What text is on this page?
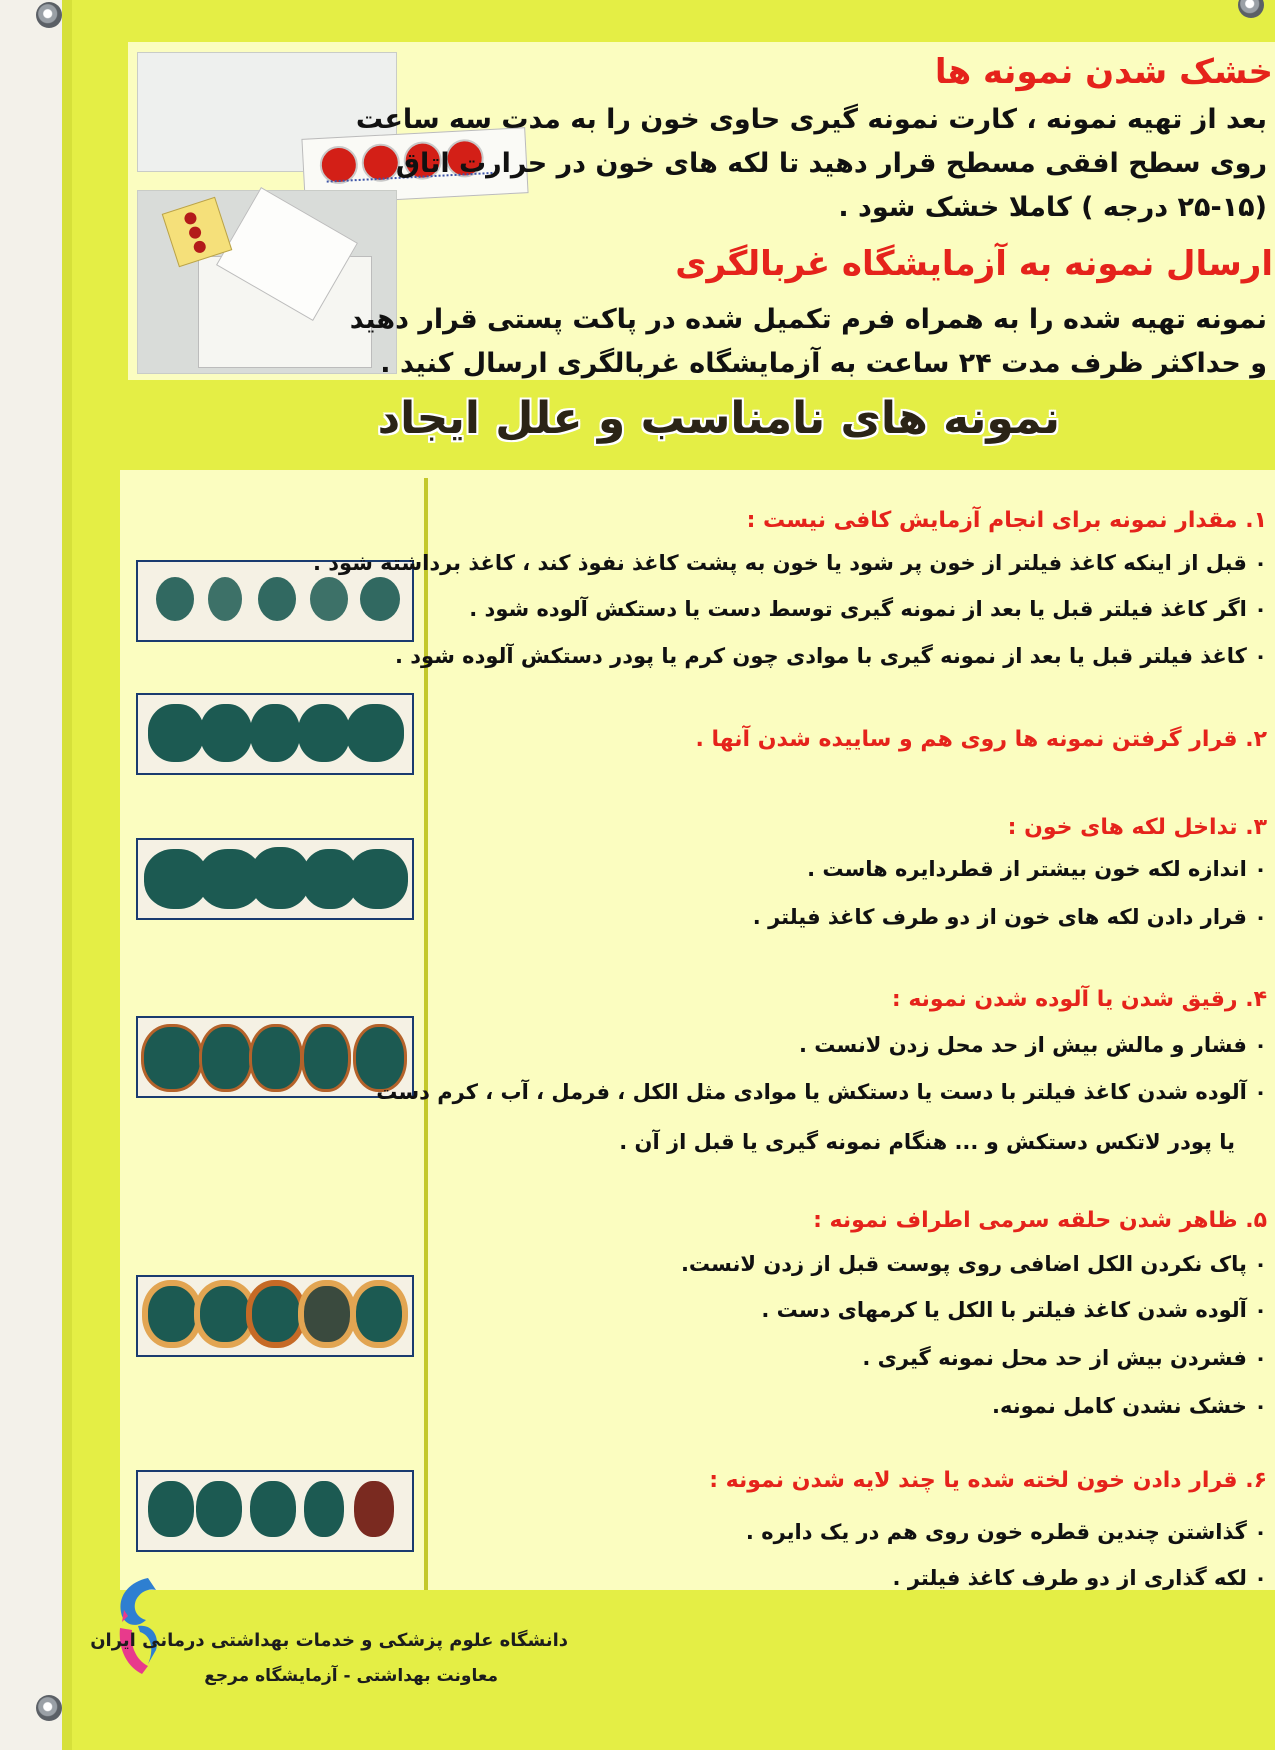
خشک شدن نمونه ها
بعد از تهیه نمونه ، کارت نمونه گیری حاوی خون را به مدت سه ساعت
روی سطح افقی مسطح قرار دهید تا لکه های خون در حرارت اتاق
(۲۵-۱۵ درجه ) کاملا خشک شود .
ارسال نمونه به آزمایشگاه غربالگری
نمونه تهیه شده را به همراه فرم تکمیل شده در پاکت پستی قرار دهید
و حداکثر ظرف مدت ۲۴ ساعت به آزمایشگاه غربالگری ارسال کنید .
نمونه های نامناسب و علل ایجاد
۱. مقدار نمونه برای انجام آزمایش کافی نیست :
۰ قبل از اینکه کاغذ فیلتر از خون پر شود یا خون به پشت کاغذ نفوذ کند ، کاغذ برداشته شود .
۰ اگر کاغذ فیلتر قبل یا بعد از نمونه گیری توسط دست یا دستکش آلوده شود .
۰ کاغذ فیلتر قبل یا بعد از نمونه گیری با موادی چون کرم یا پودر دستکش آلوده شود .
۲. قرار گرفتن نمونه ها روی هم و ساییده شدن آنها .
۳. تداخل لکه های خون :
۰ اندازه لکه خون بیشتر از قطردایره هاست .
۰ قرار دادن لکه های خون از دو طرف کاغذ فیلتر .
۴. رقیق شدن یا آلوده شدن نمونه :
۰ فشار و مالش بیش از حد محل زدن لانست .
۰ آلوده شدن کاغذ فیلتر با دست یا دستکش یا موادی مثل الکل ، فرمل ، آب ، کرم دست
یا پودر لاتکس دستکش و ... هنگام نمونه گیری یا قبل از آن .
۵. ظاهر شدن حلقه سرمی اطراف نمونه :
۰ پاک نکردن الکل اضافی روی پوست قبل از زدن لانست.
۰ آلوده شدن کاغذ فیلتر با الکل یا کرمهای دست .
۰ فشردن بیش از حد محل نمونه گیری .
۰ خشک نشدن کامل نمونه.
۶. قرار دادن خون لخته شده یا چند لایه شدن نمونه :
۰ گذاشتن چندین قطره خون روی هم در یک دایره .
۰ لکه گذاری از دو طرف کاغذ فیلتر .
دانشگاه علوم پزشکی و خدمات بهداشتی درمانی ایران
معاونت بهداشتی - آزمایشگاه مرجع
